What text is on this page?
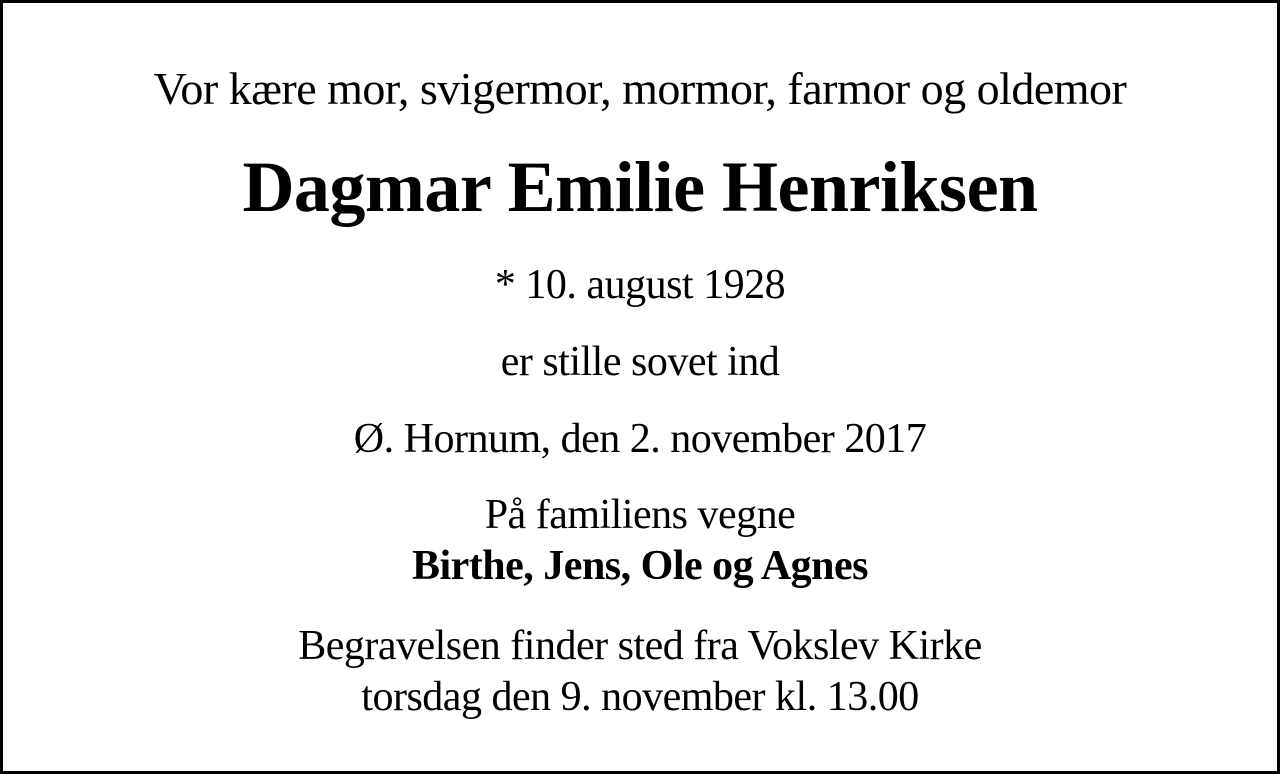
Vor kære mor, svigermor, mormor, farmor og oldemor

Dagmar Emilie Henriksen

* 10. august 1928

er stille sovet ind

Ø. Hornum, den 2. november 2017

På familiens vegne

Birthe, Jens, Ole og Agnes

Begravelsen finder sted fra Vokslev Kirke

torsdag den 9. november kl. 13.00
